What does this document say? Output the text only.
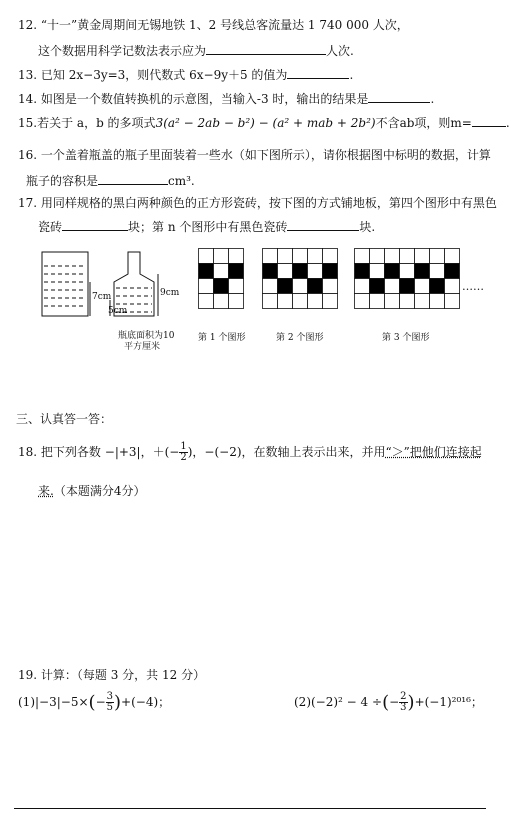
12. “十一”黄金周期间无锡地铁 1、2 号线总客流量达 1 740 000 人次，
这个数据用科学记数法表示应为	人次.
13. 已知 2x−3y=3，则代数式 6x−9y＋5 的值为	.
14. 如图是一个数值转换机的示意图，当输入-3 时，输出的结果是	.
15.若关于 a，b 的多项式3(a² − 2ab − b²) − (a² + mab + 2b²)不含ab项，则m=	.
16. 一个盖着瓶盖的瓶子里面装着一些水（如下图所示），请你根据图中标明的数据，计算
瓶子的容积是	cm³.
17. 用同样规格的黑白两种颜色的正方形瓷砖，按下图的方式铺地板，第四个图形中有黑色
瓷砖	块；第 n 个图形中有黑色瓷砖	块.
7cm
5cm
9cm
瓶底面积为10
平方厘米
……
第 1 个图形	第 2 个图形	第 3 个图形
三、认真答一答：
18. 把下列各数 −|+3|，＋(− $\frac{1}{2}$ )，−(−2)，在数轴上表示出来，并用“＞”把他们连接起
来.（本题满分4分）
19. 计算：（每题 3 分，共 12 分）
$(1)|-3|-5\times(- \frac{3}{5} )+(-4)$；	(2)(−2)² − 4 ÷(− $\frac{2}{3} )+(-1)^{2016}$；
